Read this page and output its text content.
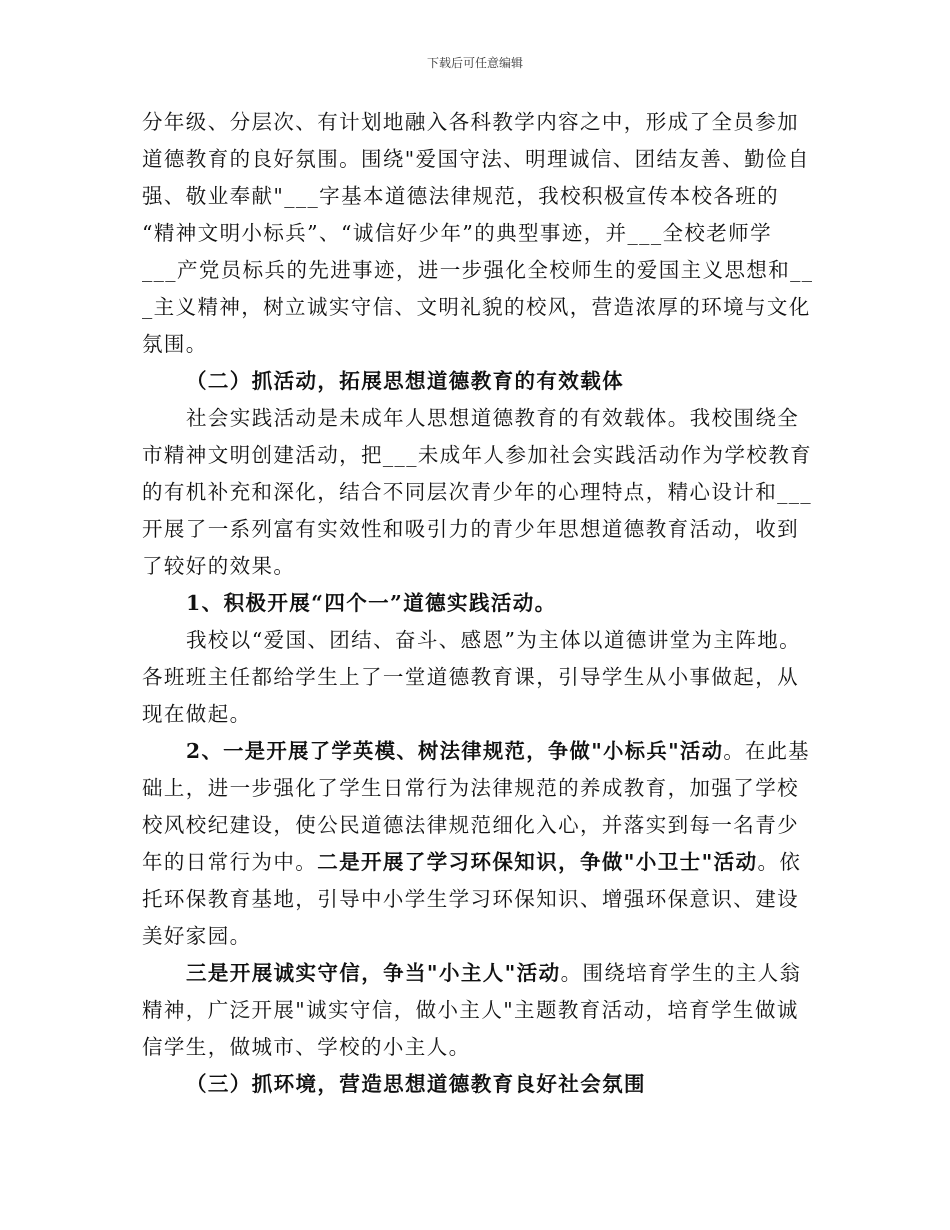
下载后可任意编辑
分年级、分层次、有计划地融入各科教学内容之中，形成了全员参加
道德教育的良好氛围。围绕"爱国守法、明理诚信、团结友善、勤俭自
强、敬业奉献"___字基本道德法律规范，我校积极宣传本校各班的
“精神文明小标兵”、“诚信好少年”的典型事迹，并___全校老师学
___产党员标兵的先进事迹，进一步强化全校师生的爱国主义思想和__
_主义精神，树立诚实守信、文明礼貌的校风，营造浓厚的环境与文化
氛围。
（二）抓活动，拓展思想道德教育的有效载体
社会实践活动是未成年人思想道德教育的有效载体。我校围绕全
市精神文明创建活动，把___未成年人参加社会实践活动作为学校教育
的有机补充和深化，结合不同层次青少年的心理特点，精心设计和___
开展了一系列富有实效性和吸引力的青少年思想道德教育活动，收到
了较好的效果。
1、积极开展“四个一”道德实践活动。
我校以“爱国、团结、奋斗、感恩”为主体以道德讲堂为主阵地。
各班班主任都给学生上了一堂道德教育课，引导学生从小事做起，从
现在做起。
2、一是开展了学英模、树法律规范，争做"小标兵"活动。在此基
础上，进一步强化了学生日常行为法律规范的养成教育，加强了学校
校风校纪建设，使公民道德法律规范细化入心，并落实到每一名青少
年的日常行为中。二是开展了学习环保知识，争做"小卫士"活动。依
托环保教育基地，引导中小学生学习环保知识、增强环保意识、建设
美好家园。
三是开展诚实守信，争当"小主人"活动。围绕培育学生的主人翁
精神，广泛开展"诚实守信，做小主人"主题教育活动，培育学生做诚
信学生，做城市、学校的小主人。
（三）抓环境，营造思想道德教育良好社会氛围
